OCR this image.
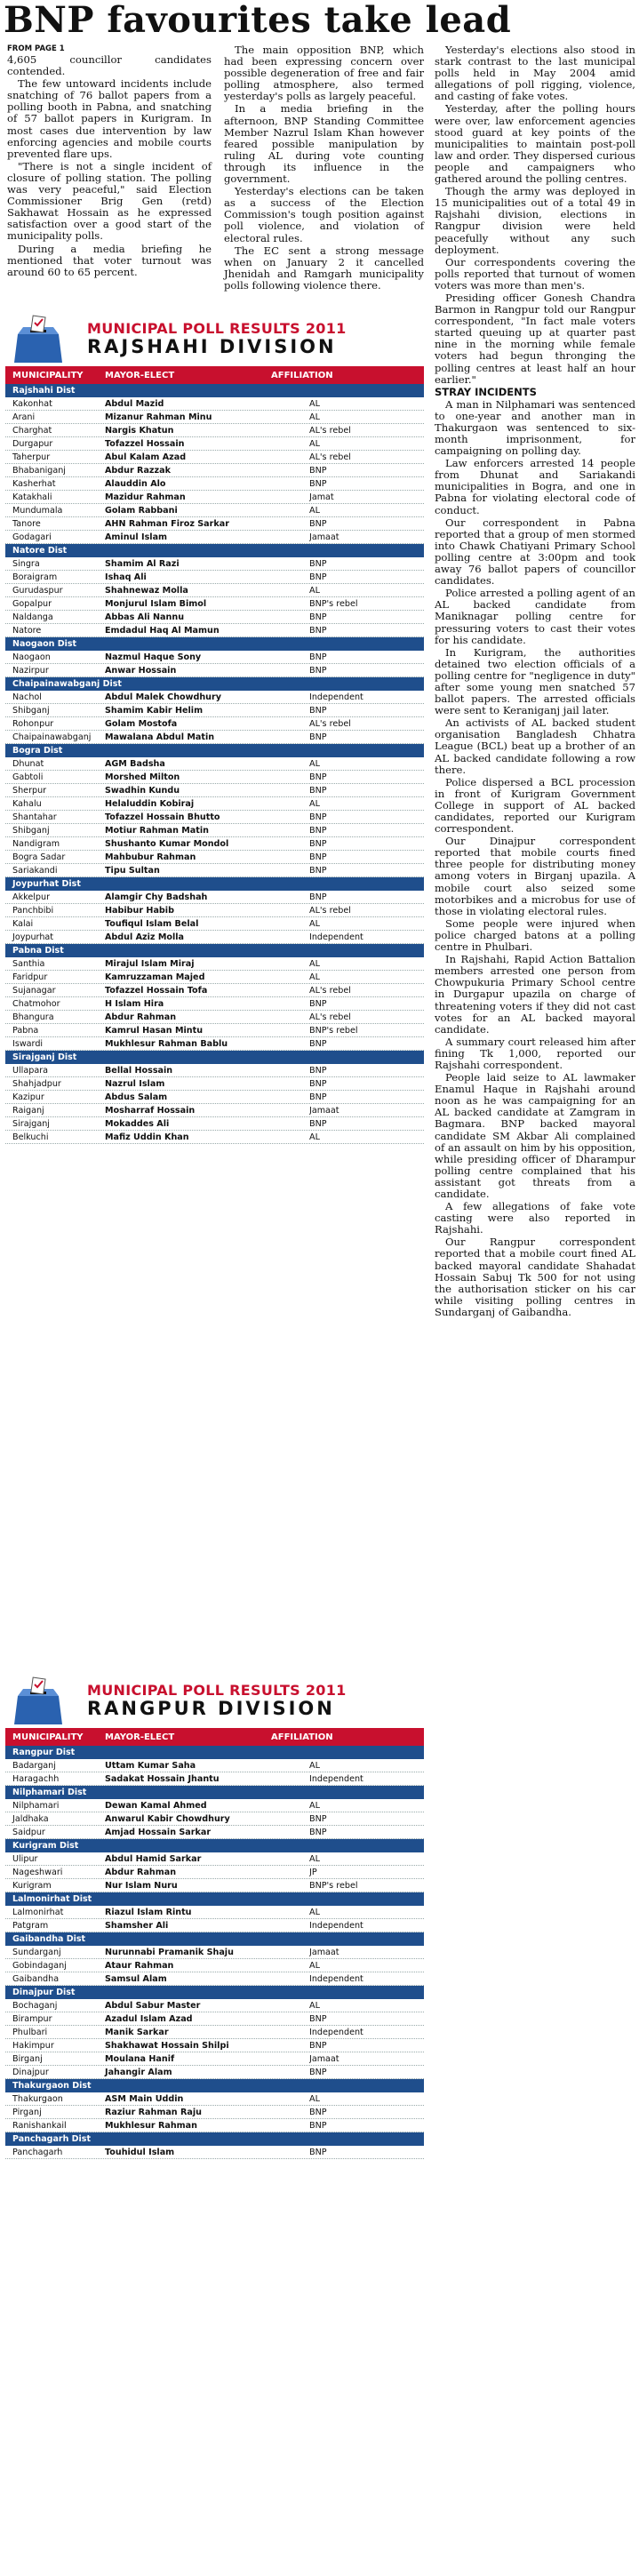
BNP favourites take lead

FROM PAGE 1

4,605 councillor candidates contended.

The few untoward incidents include snatching of 76 ballot papers from a polling booth in Pabna, and snatching of 57 ballot papers in Kurigram. In most cases due intervention by law enforcing agencies and mobile courts prevented flare ups.

"There is not a single incident of closure of polling station. The polling was very peaceful," said Election Commissioner Brig Gen (retd) Sakhawat Hossain as he expressed satisfaction over a good start of the municipality polls.

During a media briefing he mentioned that voter turnout was around 60 to 65 percent.

The main opposition BNP, which had been expressing concern over possible degeneration of free and fair polling atmosphere, also termed yesterday's polls as largely peaceful.

In a media briefing in the afternoon, BNP Standing Committee Member Nazrul Islam Khan however feared possible manipulation by ruling AL during vote counting through its influence in the government.

Yesterday's elections can be taken as a success of the Election Commission's tough position against poll violence, and violation of electoral rules.

The EC sent a strong message when on January 2 it cancelled Jhenidah and Ramgarh municipality polls following violence there.

Yesterday's elections also stood in stark contrast to the last municipal polls held in May 2004 amid allegations of poll rigging, violence, and casting of fake votes.

Yesterday, after the polling hours were over, law enforcement agencies stood guard at key points of the municipalities to maintain post-poll law and order. They dispersed curious people and campaigners who gathered around the polling centres.

Though the army was deployed in 15 municipalities out of a total 49 in Rajshahi division, elections in Rangpur division were held peacefully without any such deployment.

Our correspondents covering the polls reported that turnout of women voters was more than men's.

Presiding officer Gonesh Chandra Barmon in Rangpur told our Rangpur correspondent, "In fact male voters started queuing up at quarter past nine in the morning while female voters had begun thronging the polling centres at least half an hour earlier."

STRAY INCIDENTS

A man in Nilphamari was sentenced to one-year and another man in Thakurgaon was sentenced to six-month imprisonment, for campaigning on polling day.

Law enforcers arrested 14 people from Dhunat and Sariakandi municipalities in Bogra, and one in Pabna for violating electoral code of conduct.

Our correspondent in Pabna reported that a group of men stormed into Chawk Chatiyani Primary School polling centre at 3:00pm and took away 76 ballot papers of councillor candidates.

Police arrested a polling agent of an AL backed candidate from Maniknagar polling centre for pressuring voters to cast their votes for his candidate.

In Kurigram, the authorities detained two election officials of a polling centre for "negligence in duty" after some young men snatched 57 ballot papers. The arrested officials were sent to Keraniganj jail later.

An activists of AL backed student organisation Bangladesh Chhatra League (BCL) beat up a brother of an AL backed candidate following a row there.

Police dispersed a BCL procession in front of Kurigram Government College in support of AL backed candidates, reported our Kurigram correspondent.

Our Dinajpur correspondent reported that mobile courts fined three people for distributing money among voters in Birganj upazila. A mobile court also seized some motorbikes and a microbus for use of those in violating electoral rules.

Some people were injured when police charged batons at a polling centre in Phulbari.

In Rajshahi, Rapid Action Battalion members arrested one person from Chowpukuria Primary School centre in Durgapur upazila on charge of threatening voters if they did not cast votes for an AL backed mayoral candidate.

A summary court released him after fining Tk 1,000, reported our Rajshahi correspondent.

People laid seize to AL lawmaker Enamul Haque in Rajshahi around noon as he was campaigning for an AL backed candidate at Zamgram in Bagmara. BNP backed mayoral candidate SM Akbar Ali complained of an assault on him by his opposition, while presiding officer of Dharampur polling centre complained that his assistant got threats from a candidate.

A few allegations of fake vote casting were also reported in Rajshahi.

Our Rangpur correspondent reported that a mobile court fined AL backed mayoral candidate Shahadat Hossain Sabuj Tk 500 for not using the authorisation sticker on his car while visiting polling centres in Sundarganj of Gaibandha.

MUNICIPAL POLL RESULTS 2011
RAJSHAHI DIVISION
MUNICIPALITY	MAYOR-ELECT	AFFILIATION
Rajshahi Dist
Kakonhat	Abdul Mazid	AL
Arani	Mizanur Rahman Minu	AL
Charghat	Nargis Khatun	AL's rebel
Durgapur	Tofazzel Hossain	AL
Taherpur	Abul Kalam Azad	AL's rebel
Bhabaniganj	Abdur Razzak	BNP
Kasherhat	Alauddin Alo	BNP
Katakhali	Mazidur Rahman	Jamat
Mundumala	Golam Rabbani	AL
Tanore	AHN Rahman Firoz Sarkar	BNP
Godagari	Aminul Islam	Jamaat
Natore Dist
Singra	Shamim Al Razi	BNP
Boraigram	Ishaq Ali	BNP
Gurudaspur	Shahnewaz Molla	AL
Gopalpur	Monjurul Islam Bimol	BNP's rebel
Naldanga	Abbas Ali Nannu	BNP
Natore	Emdadul Haq Al Mamun	BNP
Naogaon Dist
Naogaon	Nazmul Haque Sony	BNP
Nazirpur	Anwar Hossain	BNP
Chaipainawabganj Dist
Nachol	Abdul Malek Chowdhury	Independent
Shibganj	Shamim Kabir Helim	BNP
Rohonpur	Golam Mostofa	AL's rebel
Chaipainawabganj	Mawalana Abdul Matin	BNP
Bogra Dist
Dhunat	AGM Badsha	AL
Gabtoli	Morshed Milton	BNP
Sherpur	Swadhin Kundu	BNP
Kahalu	Helaluddin Kobiraj	AL
Shantahar	Tofazzel Hossain Bhutto	BNP
Shibganj	Motiur Rahman Matin	BNP
Nandigram	Shushanto Kumar Mondol	BNP
Bogra Sadar	Mahbubur Rahman	BNP
Sariakandi	Tipu Sultan	BNP
Joypurhat Dist
Akkelpur	Alamgir Chy Badshah	BNP
Panchbibi	Habibur Habib	AL's rebel
Kalai	Toufiqul Islam Belal	AL
Joypurhat	Abdul Aziz Molla	Independent
Pabna Dist
Santhia	Mirajul Islam Miraj	AL
Faridpur	Kamruzzaman Majed	AL
Sujanagar	Tofazzel Hossain Tofa	AL's rebel
Chatmohor	H Islam Hira	BNP
Bhangura	Abdur Rahman	AL's rebel
Pabna	Kamrul Hasan Mintu	BNP's rebel
Iswardi	Mukhlesur Rahman Bablu	BNP
Sirajganj Dist
Ullapara	Bellal Hossain	BNP
Shahjadpur	Nazrul Islam	BNP
Kazipur	Abdus Salam	BNP
Raiganj	Mosharraf Hossain	Jamaat
Sirajganj	Mokaddes Ali	BNP
Belkuchi	Mafiz Uddin Khan	AL
MUNICIPAL POLL RESULTS 2011
RANGPUR DIVISION
MUNICIPALITY	MAYOR-ELECT	AFFILIATION
Rangpur Dist
Badarganj	Uttam Kumar Saha	AL
Haragachh	Sadakat Hossain Jhantu	Independent
Nilphamari Dist
Nilphamari	Dewan Kamal Ahmed	AL
Jaldhaka	Anwarul Kabir Chowdhury	BNP
Saidpur	Amjad Hossain Sarkar	BNP
Kurigram Dist
Ulipur	Abdul Hamid Sarkar	AL
Nageshwari	Abdur Rahman	JP
Kurigram	Nur Islam Nuru	BNP's rebel
Lalmonirhat Dist
Lalmonirhat	Riazul Islam Rintu	AL
Patgram	Shamsher Ali	Independent
Gaibandha Dist
Sundarganj	Nurunnabi Pramanik Shaju	Jamaat
Gobindaganj	Ataur Rahman	AL
Gaibandha	Samsul Alam	Independent
Dinajpur Dist
Bochaganj	Abdul Sabur Master	AL
Birampur	Azadul Islam Azad	BNP
Phulbari	Manik Sarkar	Independent
Hakimpur	Shakhawat Hossain Shilpi	BNP
Birganj	Moulana Hanif	Jamaat
Dinajpur	Jahangir Alam	BNP
Thakurgaon Dist
Thakurgaon	ASM Main Uddin	AL
Pirganj	Raziur Rahman Raju	BNP
Ranishankail	Mukhlesur Rahman	BNP
Panchagarh Dist
Panchagarh	Touhidul Islam	BNP
